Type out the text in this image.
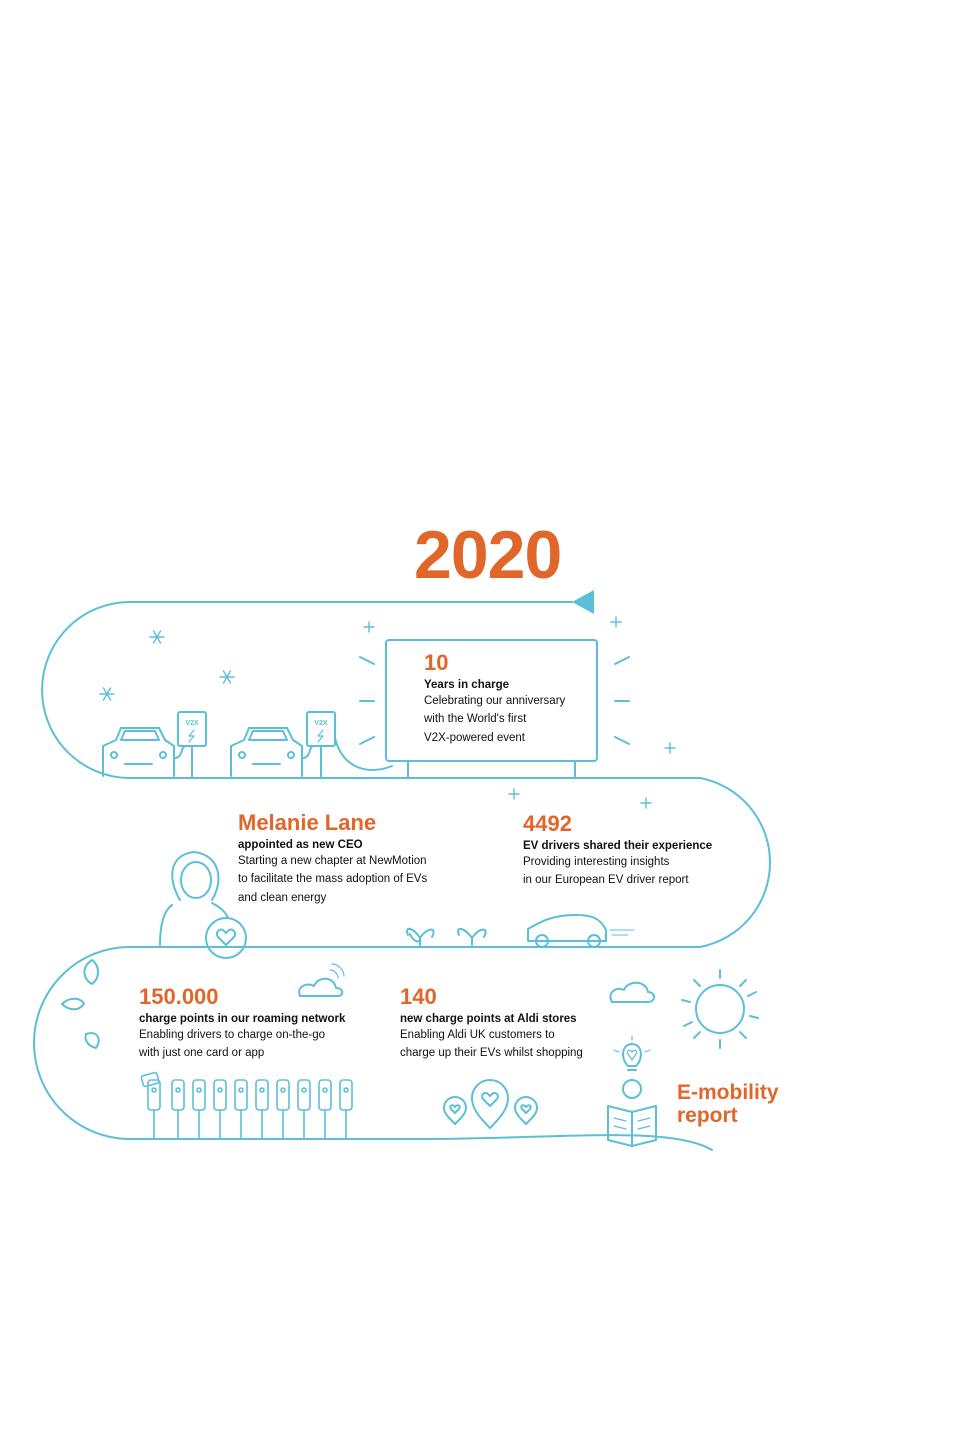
V2X	V2X
2020
10
Years in charge
Celebrating our anniversary
with the World's first
V2X-powered event
Melanie Lane
appointed as new CEO
Starting a new chapter at NewMotion
to facilitate the mass adoption of EVs
and clean energy
4492
EV drivers shared their experience
Providing interesting insights
in our European EV driver report
150.000
charge points in our roaming network
Enabling drivers to charge on-the-go
with just one card or app
140
new charge points at Aldi stores
Enabling Aldi UK customers to
charge up their EVs whilst shopping
E-mobility
report
